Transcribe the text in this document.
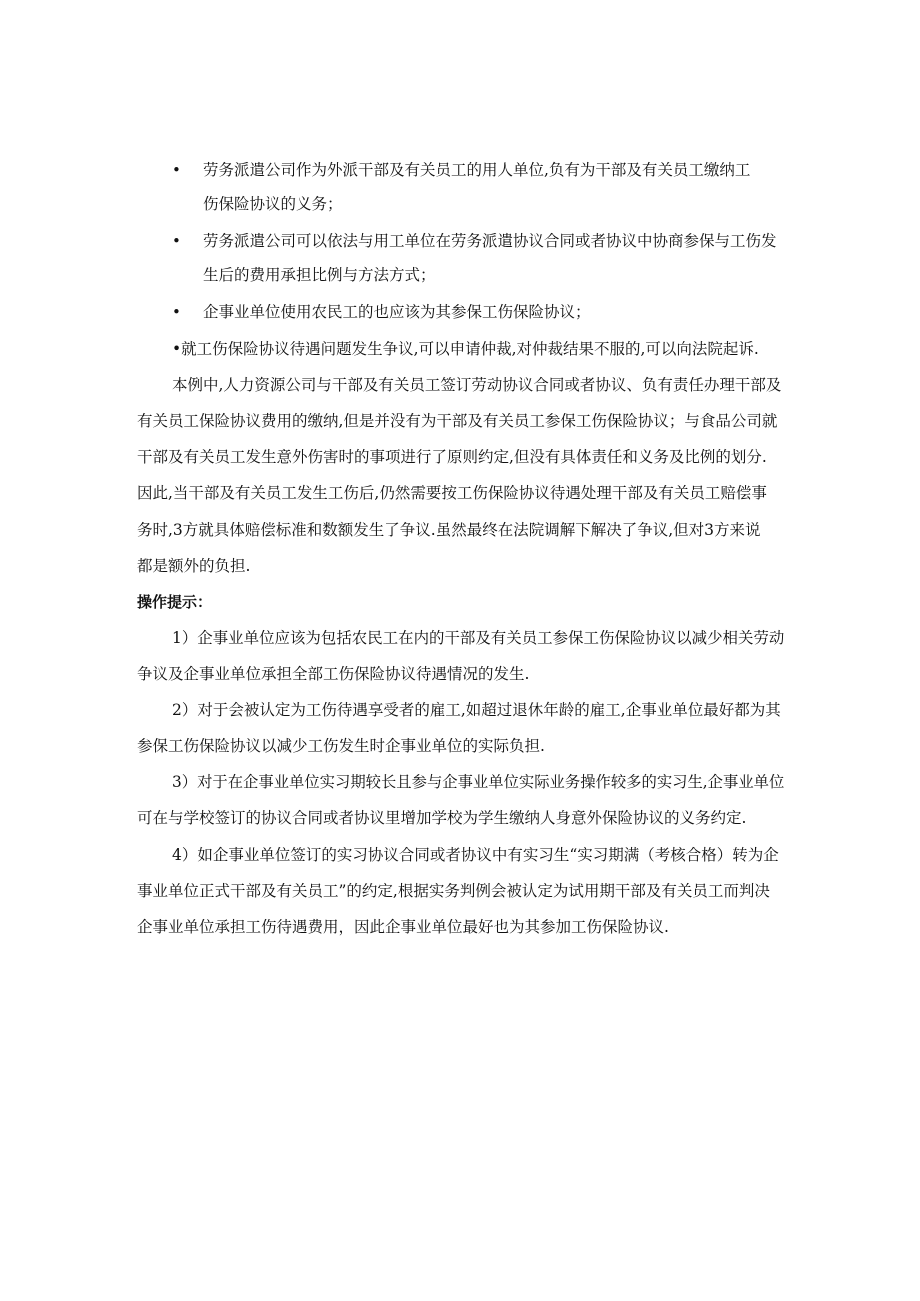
• 劳务派遣公司作为外派干部及有关员工的用人单位,负有为干部及有关员工缴纳工
伤保险协议的义务；
• 劳务派遣公司可以依法与用工单位在劳务派遣协议合同或者协议中协商参保与工伤发
生后的费用承担比例与方法方式；
• 企事业单位使用农民工的也应该为其参保工伤保险协议；
•就工伤保险协议待遇问题发生争议,可以申请仲裁,对仲裁结果不服的,可以向法院起诉.
本例中,人力资源公司与干部及有关员工签订劳动协议合同或者协议、负有责任办理干部及
有关员工保险协议费用的缴纳,但是并没有为干部及有关员工参保工伤保险协议；与食品公司就
干部及有关员工发生意外伤害时的事项进行了原则约定,但没有具体责任和义务及比例的划分.
因此,当干部及有关员工发生工伤后,仍然需要按工伤保险协议待遇处理干部及有关员工赔偿事
务时,3方就具体赔偿标准和数额发生了争议.虽然最终在法院调解下解决了争议,但对3方来说
都是额外的负担.
操作提示：
1）企事业单位应该为包括农民工在内的干部及有关员工参保工伤保险协议以减少相关劳动
争议及企事业单位承担全部工伤保险协议待遇情况的发生.
2）对于会被认定为工伤待遇享受者的雇工,如超过退休年龄的雇工,企事业单位最好都为其
参保工伤保险协议以减少工伤发生时企事业单位的实际负担.
3）对于在企事业单位实习期较长且参与企事业单位实际业务操作较多的实习生,企事业单位
可在与学校签订的协议合同或者协议里增加学校为学生缴纳人身意外保险协议的义务约定.
4）如企事业单位签订的实习协议合同或者协议中有实习生“实习期满（考核合格）转为企
事业单位正式干部及有关员工”的约定,根据实务判例会被认定为试用期干部及有关员工而判决
企事业单位承担工伤待遇费用，因此企事业单位最好也为其参加工伤保险协议.
